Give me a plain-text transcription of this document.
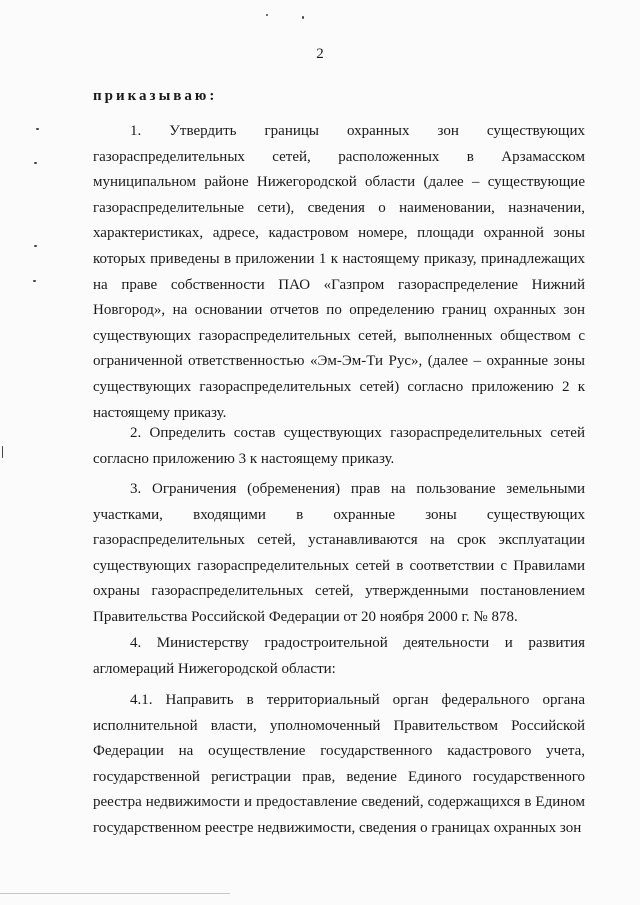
2
приказываю:

1. Утвердить границы охранных зон существующих газораспределительных сетей, расположенных в Арзамасском муниципальном районе Нижегородской области (далее – существующие газораспределительные сети), сведения о наименовании, назначении, характеристиках, адресе, кадастровом номере, площади охранной зоны которых приведены в приложении 1 к настоящему приказу, принадлежащих на праве собственности ПАО «Газпром газораспределение Нижний Новгород», на основании отчетов по определению границ охранных зон существующих газораспределительных сетей, выполненных обществом с ограниченной ответственностью «Эм-Эм-Ти Рус», (далее – охранные зоны существующих газораспределительных сетей) согласно приложению 2 к настоящему приказу.

2. Определить состав существующих газораспределительных сетей согласно приложению 3 к настоящему приказу.

3. Ограничения (обременения) прав на пользование земельными участками, входящими в охранные зоны существующих газораспределительных сетей, устанавливаются на срок эксплуатации существующих газораспределительных сетей в соответствии с Правилами охраны газораспределительных сетей, утвержденными постановлением Правительства Российской Федерации от 20 ноября 2000 г. № 878.

4. Министерству градостроительной деятельности и развития агломераций Нижегородской области:

4.1. Направить в территориальный орган федерального органа исполнительной власти, уполномоченный Правительством Российской Федерации на осуществление государственного кадастрового учета, государственной регистрации прав, ведение Единого государственного реестра недвижимости и предоставление сведений, содержащихся в Едином государственном реестре недвижимости, сведения о границах охранных зон
